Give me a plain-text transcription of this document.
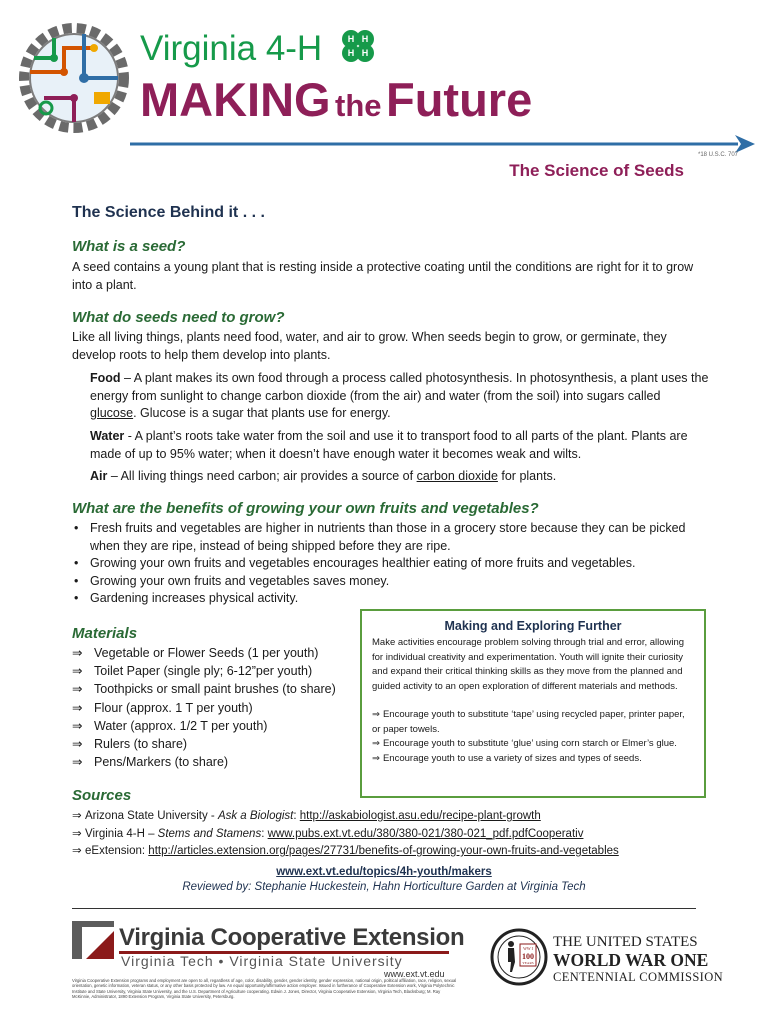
Virginia 4-H	H H
H H
MAKING the Future
*18 U.S.C. 707
The Science of Seeds
The Science Behind it . . .
What is a seed?
A seed contains a young plant that is resting inside a protective coating until the conditions are right for it to grow into a plant.
What do seeds need to grow?
Like all living things, plants need food, water, and air to grow. When seeds begin to grow, or germinate, they develop roots to help them develop into plants.
Food – A plant makes its own food through a process called photosynthesis. In photosynthesis, a plant uses the energy from sunlight to change carbon dioxide (from the air) and water (from the soil) into sugars called glucose. Glucose is a sugar that plants use for energy.
Water - A plant’s roots take water from the soil and use it to transport food to all parts of the plant. Plants are made of up to 95% water; when it doesn’t have enough water it becomes weak and wilts.
Air – All living things need carbon; air provides a source of carbon dioxide for plants.
What are the benefits of growing your own fruits and vegetables?
• Fresh fruits and vegetables are higher in nutrients than those in a grocery store because they can be picked when they are ripe, instead of being shipped before they are ripe.
• Growing your own fruits and vegetables encourages healthier eating of more fruits and vegetables.
• Growing your own fruits and vegetables saves money.
• Gardening increases physical activity.
Materials
⇒ Vegetable or Flower Seeds (1 per youth)
⇒ Toilet Paper (single ply; 6-12”per youth)
⇒ Toothpicks or small paint brushes (to share)
⇒ Flour (approx. 1 T per youth)
⇒ Water (approx. 1/2 T per youth)
⇒ Rulers (to share)
⇒ Pens/Markers (to share)
Sources
⇒ Arizona State University - Ask a Biologist: http://askabiologist.asu.edu/recipe-plant-growth
⇒ Virginia 4-H – Stems and Stamens: www.pubs.ext.vt.edu/380/380-021/380-021_pdf.pdfCooperativ
⇒ eExtension: http://articles.extension.org/pages/27731/benefits-of-growing-your-own-fruits-and-vegetables
Making and Exploring Further
Make activities encourage problem solving through trial and error, allowing for individual creativity and experimentation. Youth will ignite their curiosity and expand their critical thinking skills as they move from the planned and guided activity to an open exploration of different materials and methods.
⇒ Encourage youth to substitute ‘tape’ using recycled paper, printer paper, or paper towels.
⇒ Encourage youth to substitute ‘glue’ using corn starch or Elmer’s glue.
⇒ Encourage youth to use a variety of sizes and types of seeds.
www.ext.vt.edu/topics/4h-youth/makers
Reviewed by: Stephanie Huckestein, Hahn Horticulture Garden at Virginia Tech
Virginia Cooperative Extension
Virginia Tech • Virginia State University
www.ext.vt.edu
Virginia Cooperative Extension programs and employment are open to all, regardless of age, color, disability, gender, gender identity, gender expression, national origin, political affiliation, race, religion, sexual orientation, genetic information, veteran status, or any other basis protected by law. An equal opportunity/affirmative action employer. Issued in furtherance of Cooperative Extension work, Virginia Polytechnic Institute and State University, Virginia State University, and the U.S. Department of Agriculture cooperating. Edwin J. Jones, Director, Virginia Cooperative Extension, Virginia Tech, Blacksburg; M. Ray McKinnie, Administrator, 1890 Extension Program, Virginia State University, Petersburg.
WW I
100
YEARS
THE UNITED STATES
WORLD WAR ONE
CENTENNIAL COMMISSION
